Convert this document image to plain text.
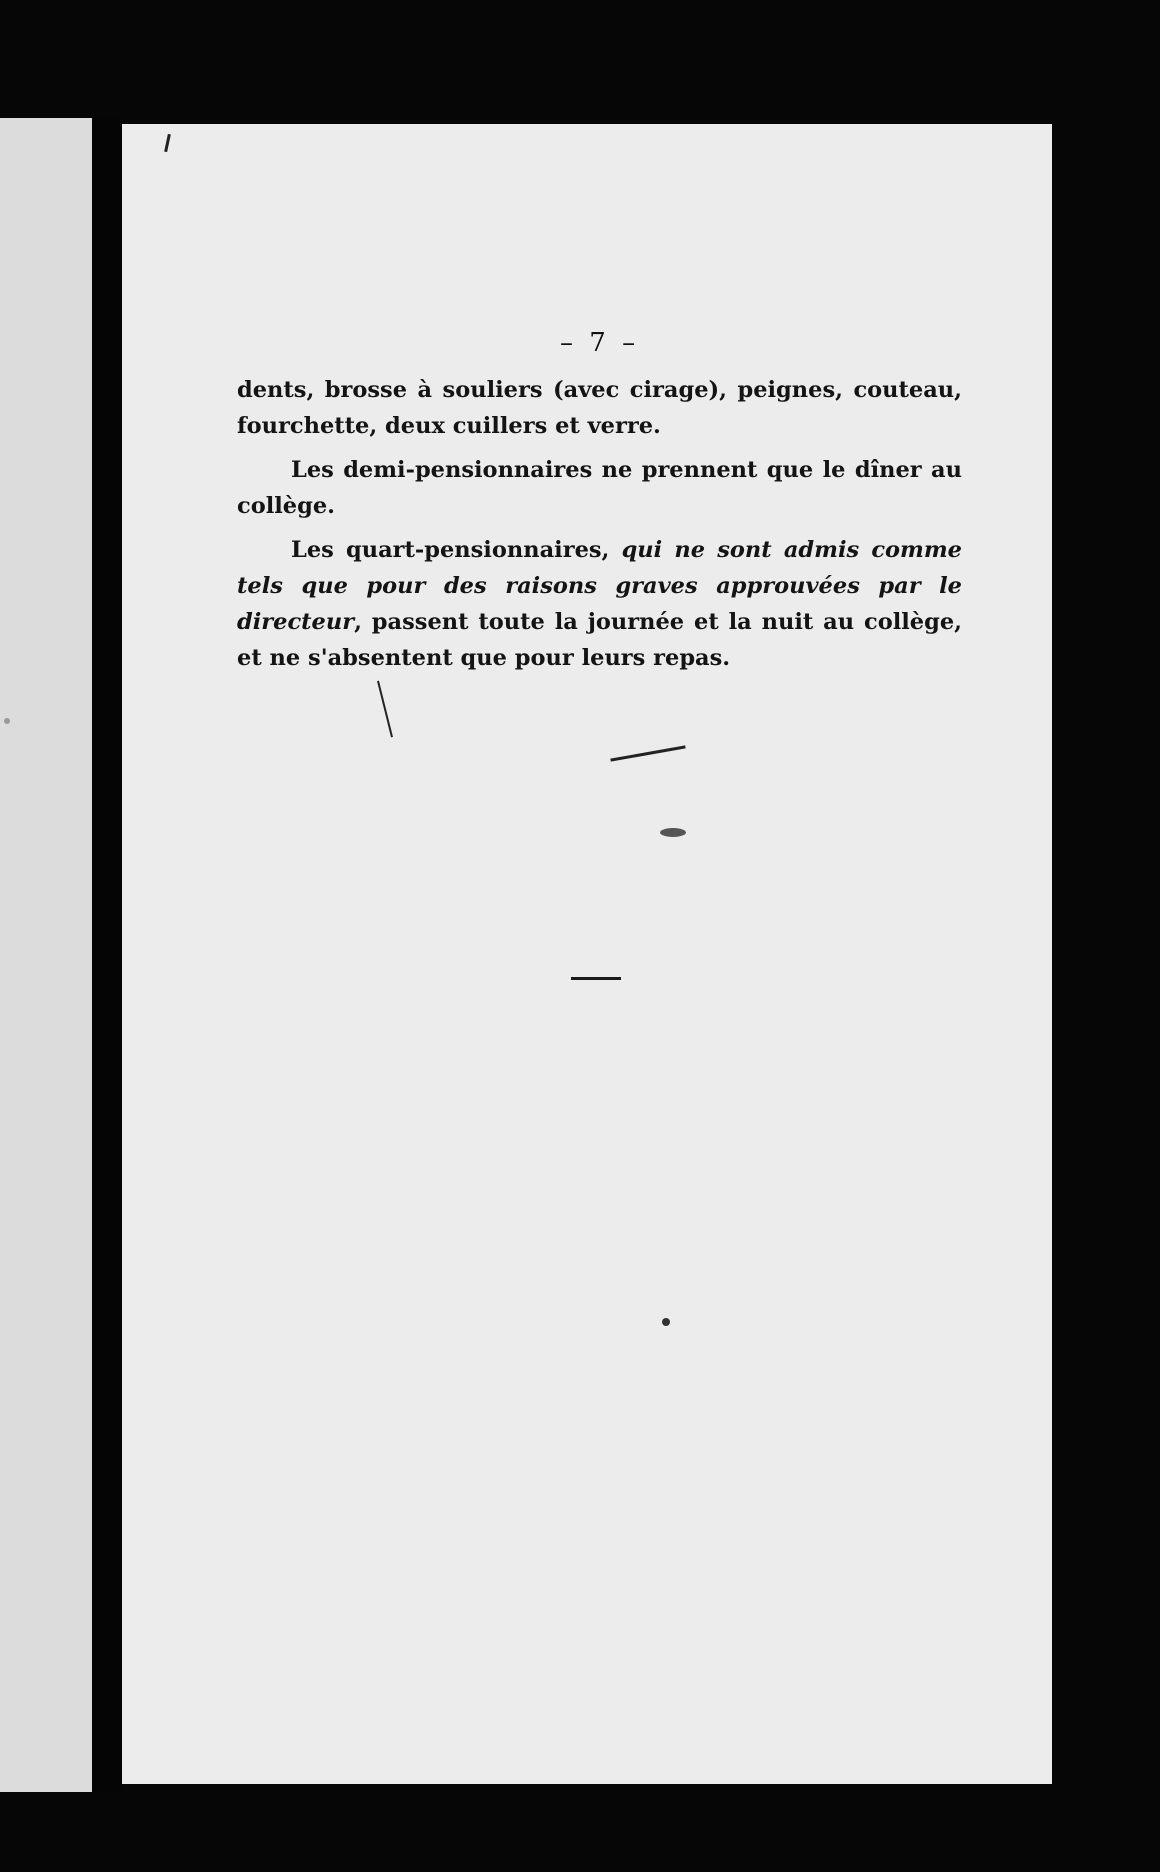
– 7 –

dents, brosse à souliers (avec cirage), peignes, couteau, fourchette, deux cuillers et verre.

Les demi-pensionnaires ne prennent que le dîner au collège.

Les quart-pensionnaires, qui ne sont admis comme tels que pour des raisons graves approuvées par le directeur, passent toute la journée et la nuit au collège, et ne s'absentent que pour leurs repas.
